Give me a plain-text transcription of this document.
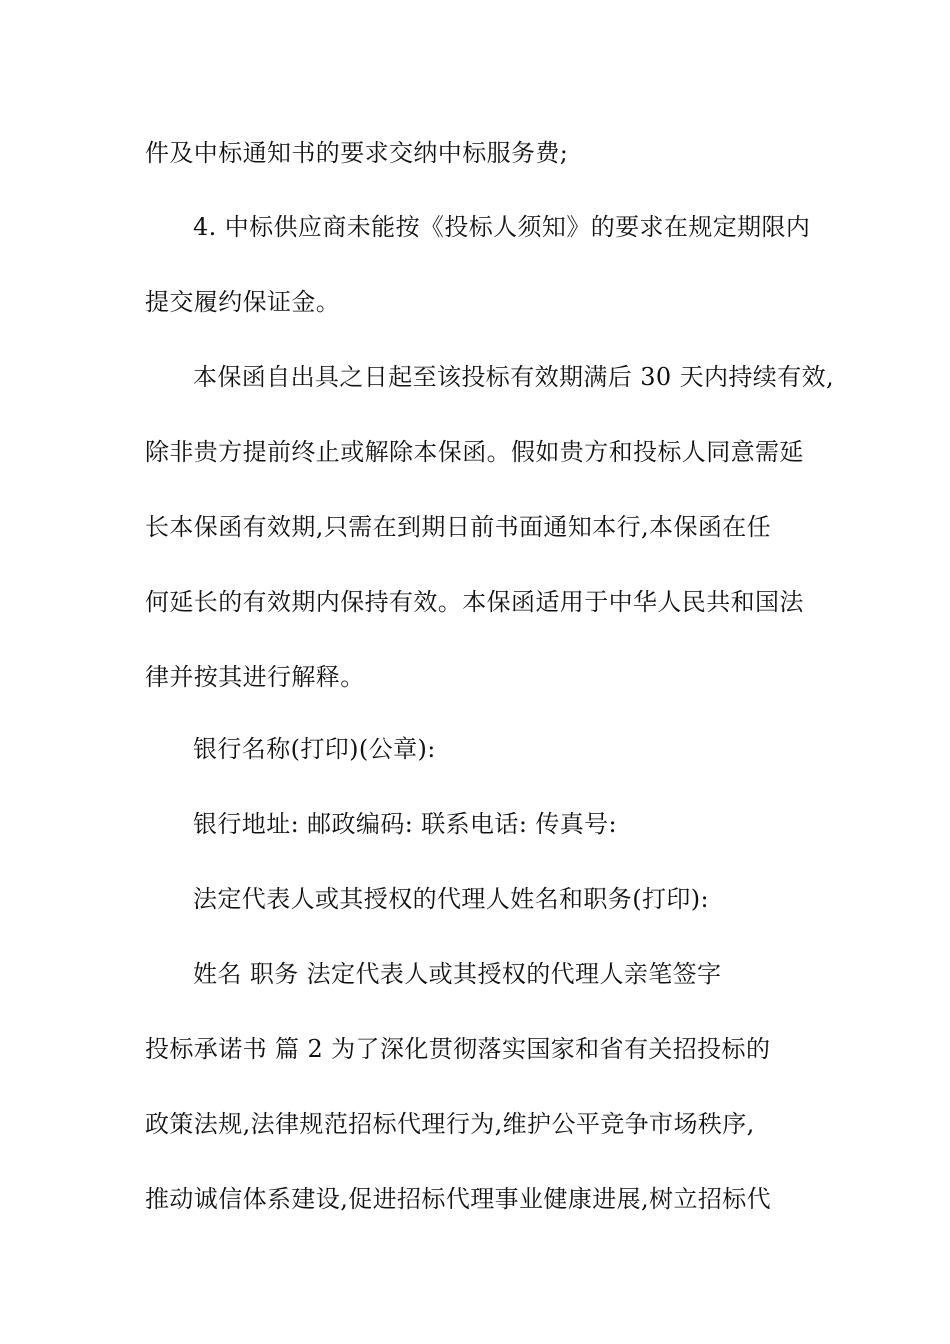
件及中标通知书的要求交纳中标服务费;
4. 中标供应商未能按《投标人须知》的要求在规定期限内
提交履约保证金。
本保函自出具之日起至该投标有效期满后 30 天内持续有效,
除非贵方提前终止或解除本保函。假如贵方和投标人同意需延
长本保函有效期,只需在到期日前书面通知本行,本保函在任
何延长的有效期内保持有效。本保函适用于中华人民共和国法
律并按其进行解释。
银行名称(打印)(公章):
银行地址: 邮政编码: 联系电话: 传真号:
法定代表人或其授权的代理人姓名和职务(打印):
姓名 职务 法定代表人或其授权的代理人亲笔签字
投标承诺书 篇 2 为了深化贯彻落实国家和省有关招投标的
政策法规,法律规范招标代理行为,维护公平竞争市场秩序,
推动诚信体系建设,促进招标代理事业健康进展,树立招标代
